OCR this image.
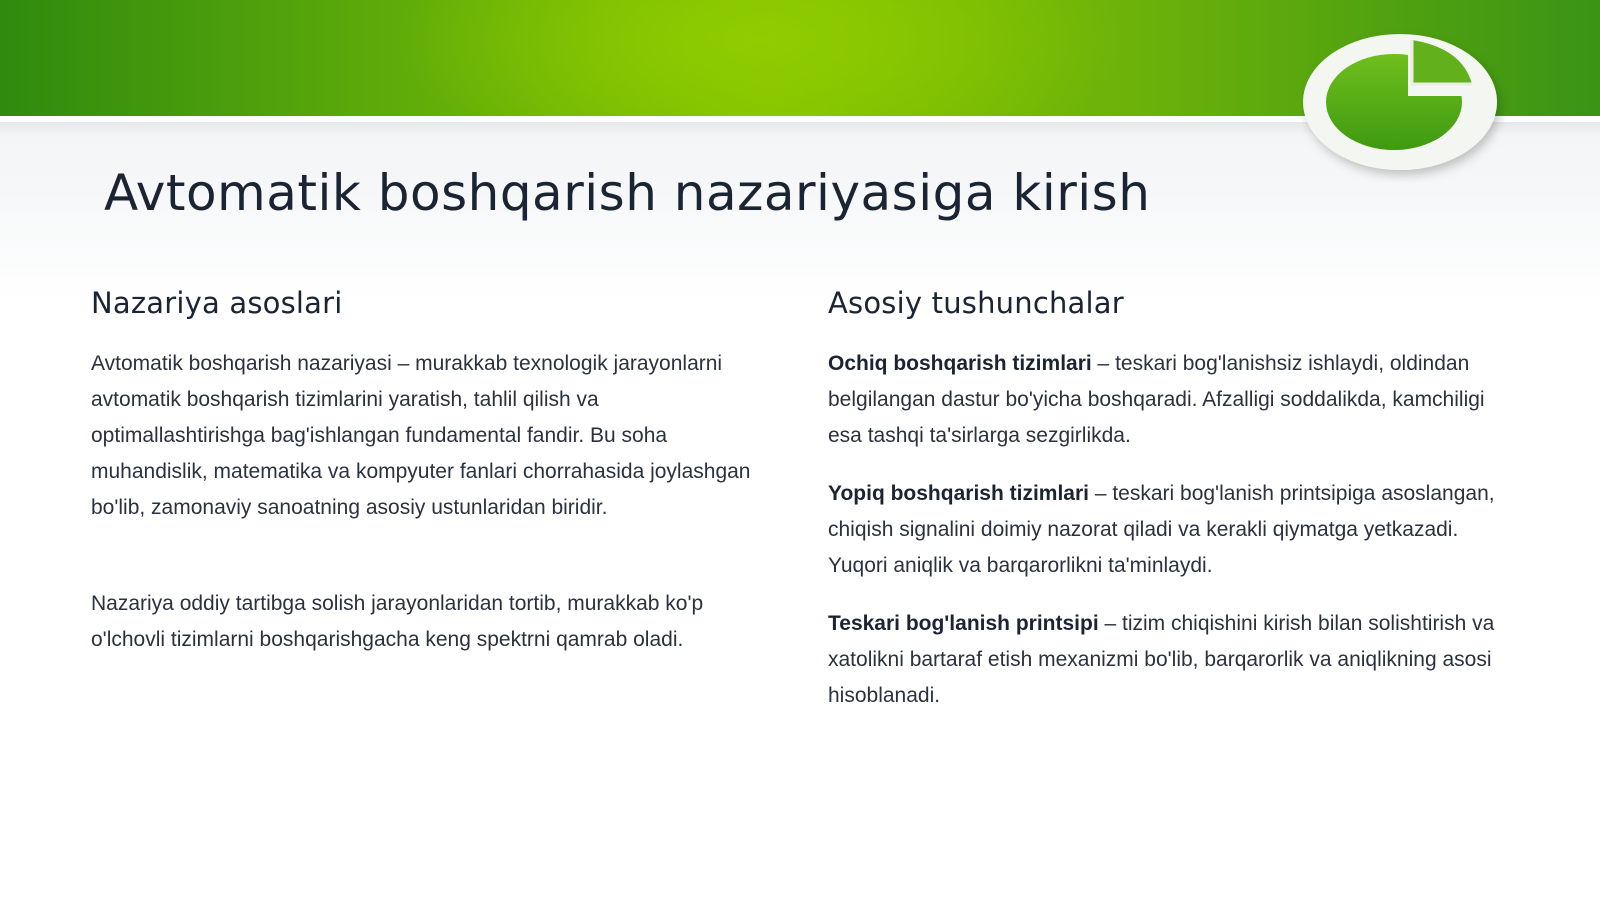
Avtomatik boshqarish nazariyasiga kirish
Nazariya asoslari

Avtomatik boshqarish nazariyasi – murakkab texnologik jarayonlarni avtomatik boshqarish tizimlarini yaratish, tahlil qilish va optimallashtirishga bag'ishlangan fundamental fandir. Bu soha muhandislik, matematika va kompyuter fanlari chorrahasida joylashgan bo'lib, zamonaviy sanoatning asosiy ustunlaridan biridir.

Nazariya oddiy tartibga solish jarayonlaridan tortib, murakkab ko'p o'lchovli tizimlarni boshqarishgacha keng spektrni qamrab oladi.

Asosiy tushunchalar

Ochiq boshqarish tizimlari – teskari bog'lanishsiz ishlaydi, oldindan belgilangan dastur bo'yicha boshqaradi. Afzalligi soddalikda, kamchiligi esa tashqi ta'sirlarga sezgirlikda.

Yopiq boshqarish tizimlari – teskari bog'lanish printsipiga asoslangan, chiqish signalini doimiy nazorat qiladi va kerakli qiymatga yetkazadi. Yuqori aniqlik va barqarorlikni ta'minlaydi.

Teskari bog'lanish printsipi – tizim chiqishini kirish bilan solishtirish va xatolikni bartaraf etish mexanizmi bo'lib, barqarorlik va aniqlikning asosi hisoblanadi.
